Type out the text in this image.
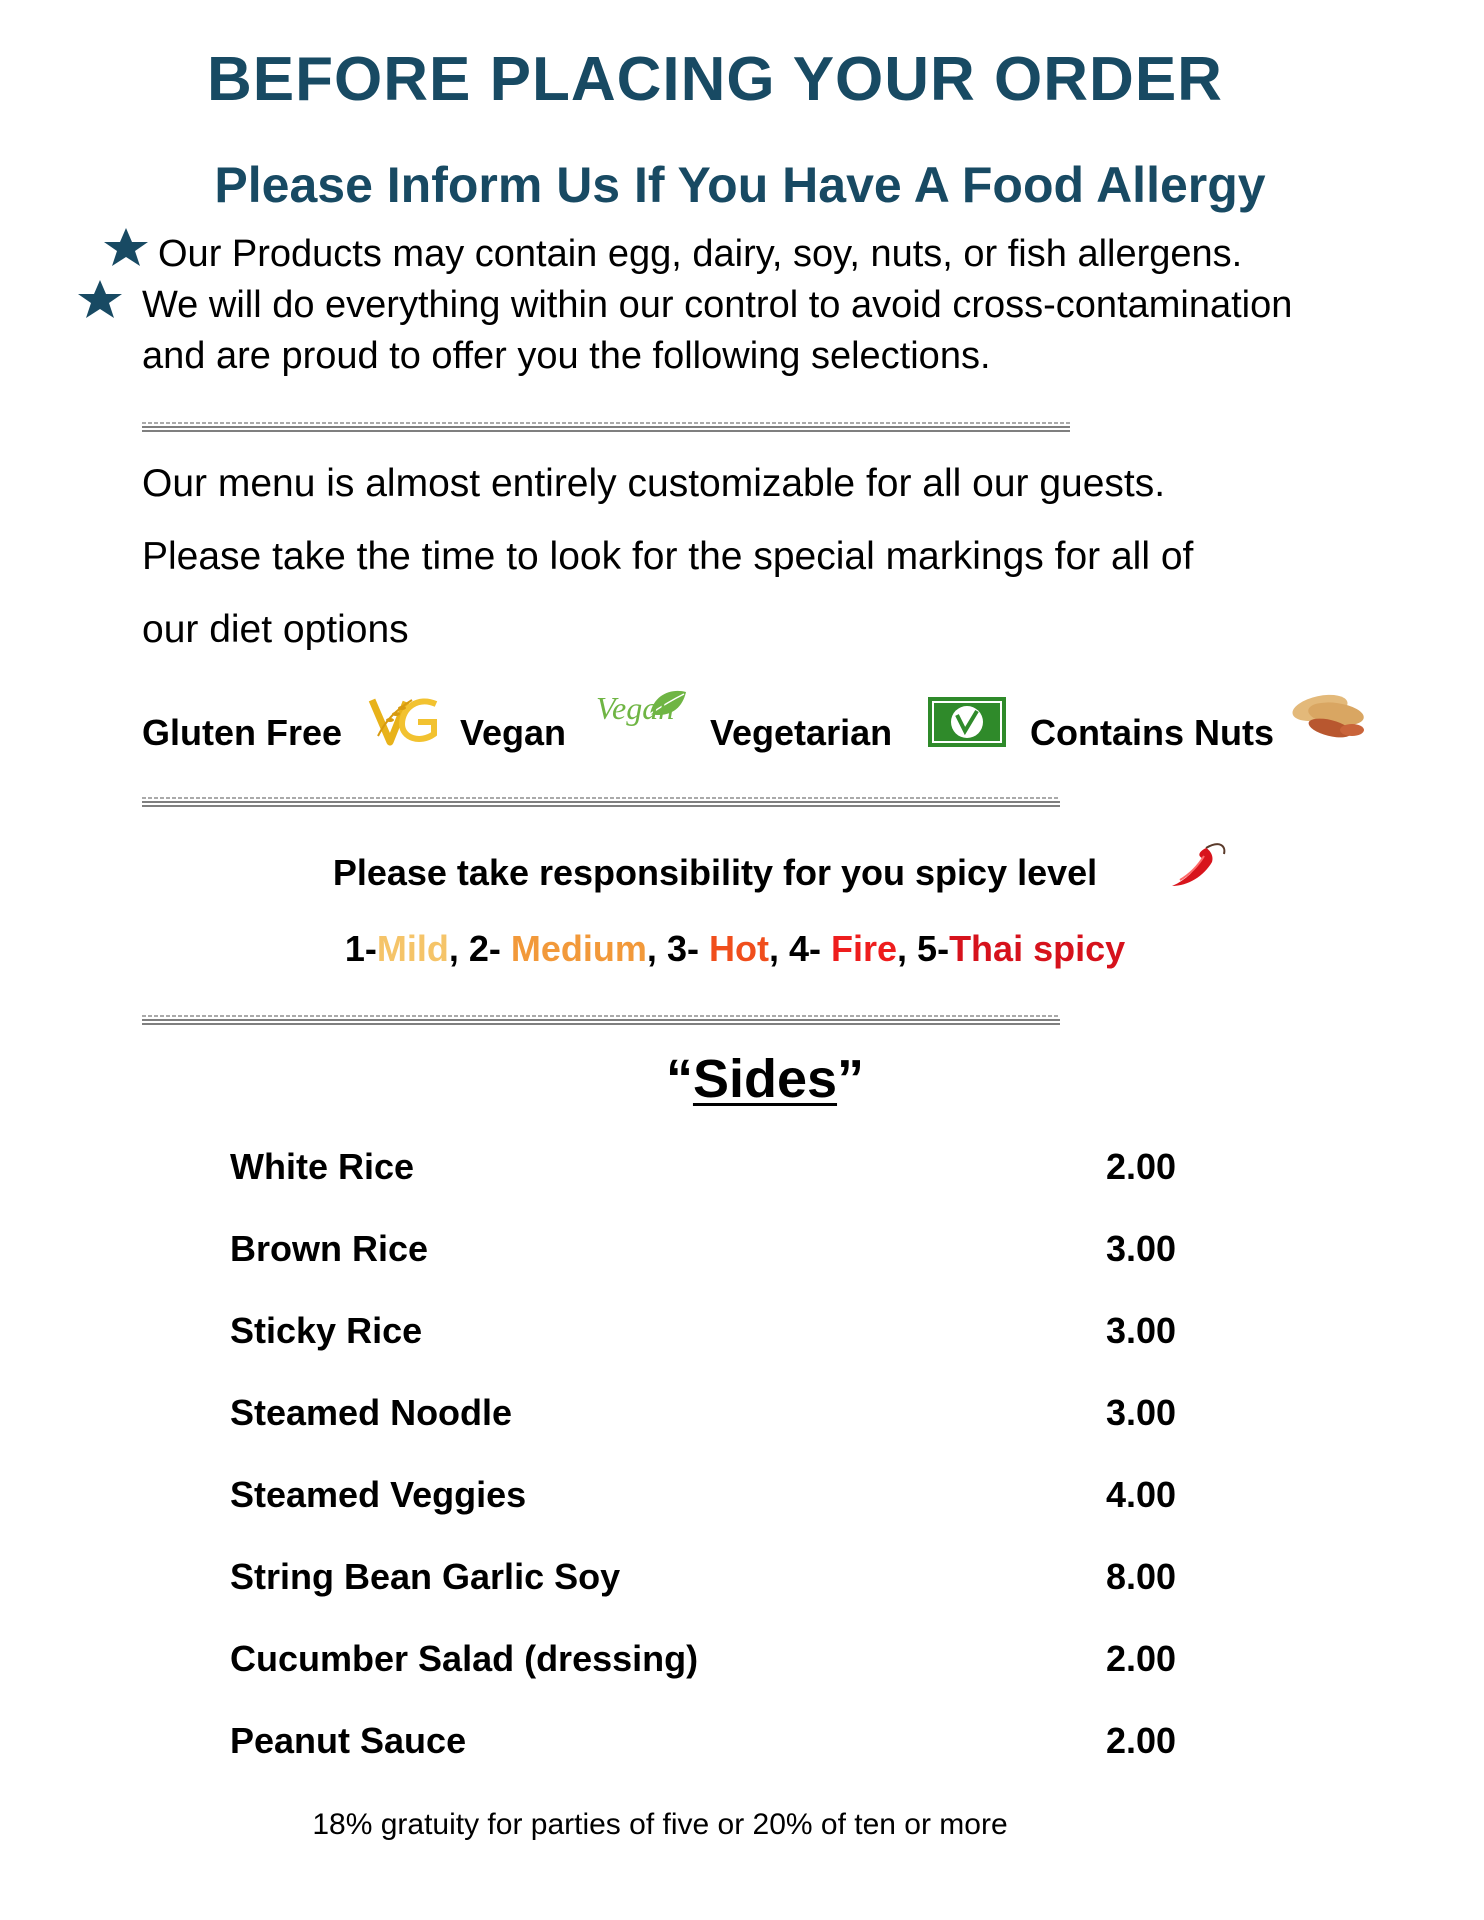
BEFORE PLACING YOUR ORDER
Please Inform Us If You Have A Food Allergy
Our Products may contain egg, dairy, soy, nuts, or fish allergens.
We will do everything within our control to avoid cross-contamination
and are proud to offer you the following selections.
Our menu is almost entirely customizable for all our guests.
Please take the time to look for the special markings for all of
our diet options
Gluten Free	Vegan
Vegan
Vegetarian	Contains Nuts
Please take responsibility for you spicy level
1-Mild, 2- Medium, 3- Hot, 4- Fire, 5-Thai spicy
“Sides”
White Rice	2.00
Brown Rice	3.00
Sticky Rice	3.00
Steamed Noodle	3.00
Steamed Veggies	4.00
String Bean Garlic Soy	8.00
Cucumber Salad (dressing)	2.00
Peanut Sauce	2.00
18% gratuity for parties of five or 20% of ten or more
